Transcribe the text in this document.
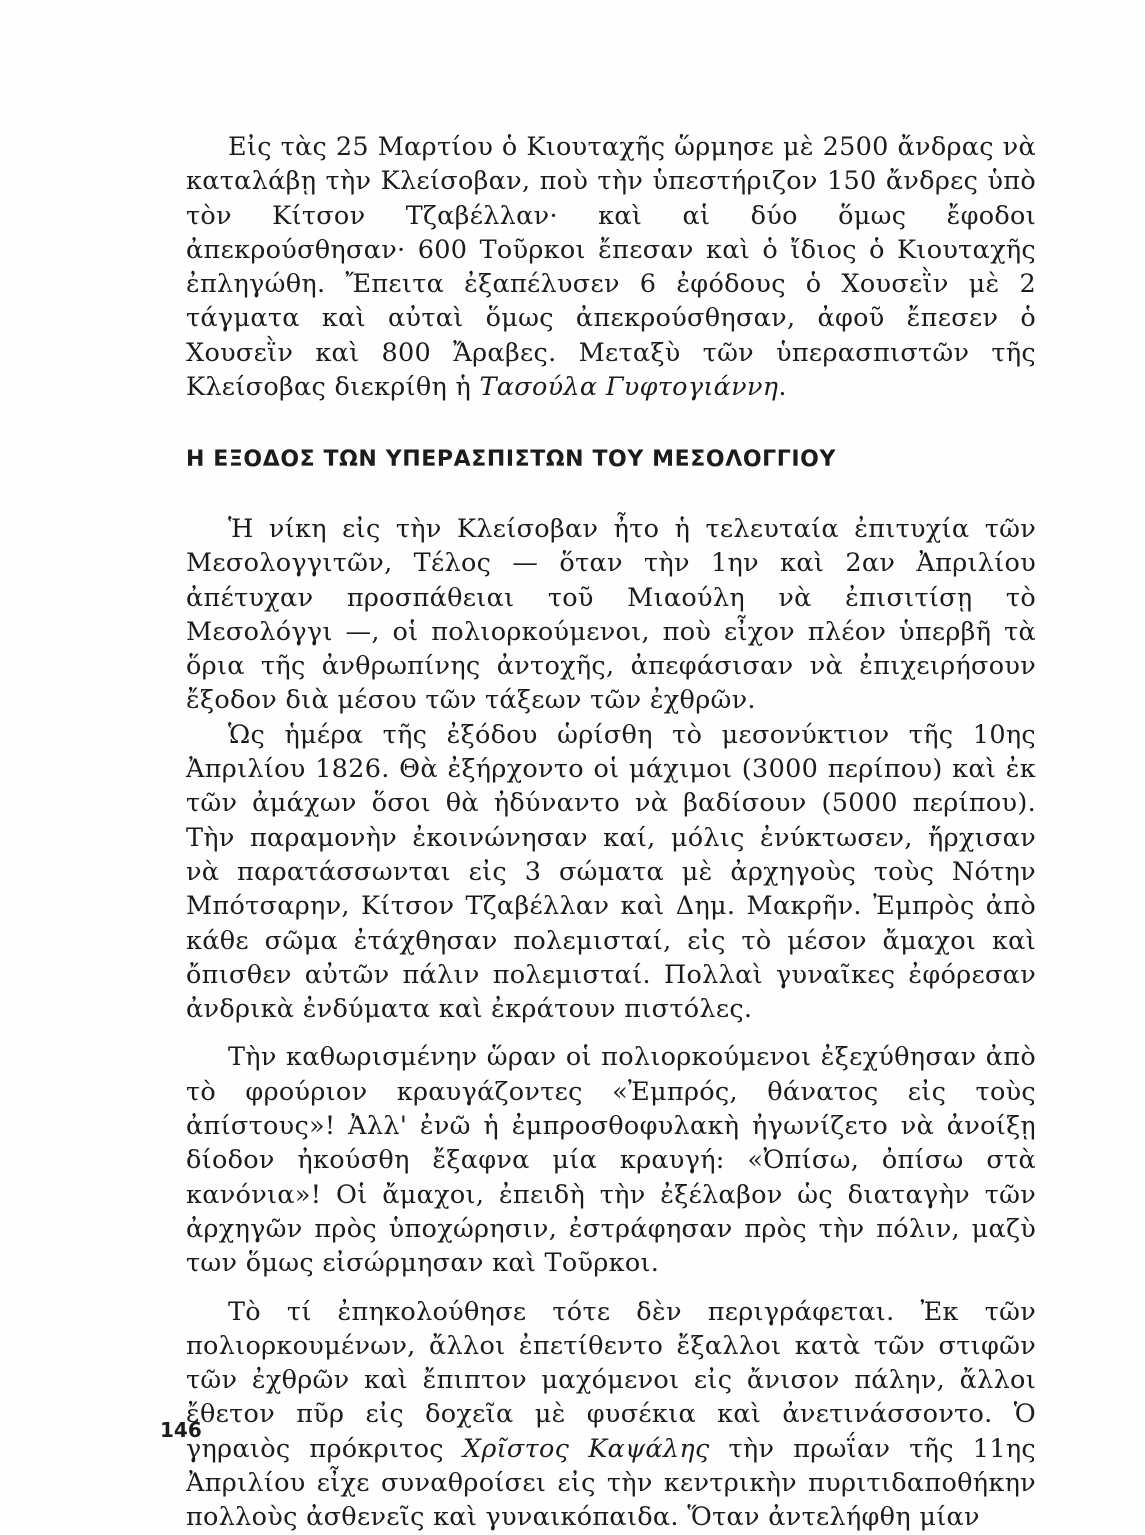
Εἰς τὰς 25 Μαρτίου ὁ Κιουταχῆς ὥρμησε μὲ 2500 ἄνδρας νὰ καταλάβῃ τὴν Κλείσοβαν, ποὺ τὴν ὑπεστήριζον 150 ἄνδρες ὑπὸ τὸν Κίτσον Τζαβέλλαν· καὶ αἱ δύο ὅμως ἔφοδοι ἀπεκρούσθησαν· 600 Τοῦρκοι ἔπεσαν καὶ ὁ ἴδιος ὁ Κιουταχῆς ἐπληγώθη. Ἔπειτα ἐξαπέλυσεν 6 ἐφόδους ὁ Χουσεῒν μὲ 2 τάγματα καὶ αὐταὶ ὅμως ἀπεκρούσθησαν, ἀφοῦ ἔπεσεν ὁ Χουσεῒν καὶ 800 Ἄραβες. Μεταξὺ τῶν ὑπερασπιστῶν τῆς Κλείσοβας διεκρίθη ἡ Τασούλα Γυφτογιάννη.

Η ΕΞΟΔΟΣ ΤΩΝ ΥΠΕΡΑΣΠΙΣΤΩΝ ΤΟΥ ΜΕΣΟΛΟΓΓΙΟΥ

Ἡ νίκη εἰς τὴν Κλείσοβαν ἦτο ἡ τελευταία ἐπιτυχία τῶν Μεσολογγιτῶν, Τέλος — ὅταν τὴν 1ην καὶ 2αν Ἀπριλίου ἀπέτυχαν προσπάθειαι τοῦ Μιαούλη νὰ ἐπισιτίσῃ τὸ Μεσολόγγι —, οἱ πολιορκούμενοι, ποὺ εἶχον πλέον ὑπερβῆ τὰ ὅρια τῆς ἀνθρωπίνης ἀντοχῆς, ἀπεφάσισαν νὰ ἐπιχειρήσουν ἔξοδον διὰ μέσου τῶν τάξεων τῶν ἐχθρῶν.

Ὡς ἡμέρα τῆς ἐξόδου ὡρίσθη τὸ μεσονύκτιον τῆς 10ης Ἀπριλίου 1826. Θὰ ἐξήρχοντο οἱ μάχιμοι (3000 περίπου) καὶ ἐκ τῶν ἀμάχων ὅσοι θὰ ἠδύναντο νὰ βαδίσουν (5000 περίπου). Τὴν παραμονὴν ἐκοινώνησαν καί, μόλις ἐνύκτωσεν, ἤρχισαν νὰ παρατάσσωνται εἰς 3 σώματα μὲ ἀρχηγοὺς τοὺς Νότην Μπότσαρην, Κίτσον Τζαβέλλαν καὶ Δημ. Μακρῆν. Ἐμπρὸς ἀπὸ κάθε σῶμα ἐτάχθησαν πολεμισταί, εἰς τὸ μέσον ἄμαχοι καὶ ὄπισθεν αὐτῶν πάλιν πολεμισταί. Πολλαὶ γυναῖκες ἐφόρεσαν ἀνδρικὰ ἐνδύματα καὶ ἐκράτουν πιστόλες.

Τὴν καθωρισμένην ὥραν οἱ πολιορκούμενοι ἐξεχύθησαν ἀπὸ τὸ φρούριον κραυγάζοντες «Ἐμπρός, θάνατος εἰς τοὺς ἀπίστους»! Ἀλλ' ἐνῶ ἡ ἐμπροσθοφυλακὴ ἠγωνίζετο νὰ ἀνοίξῃ δίοδον ἠκούσθη ἔξαφνα μία κραυγή: «Ὀπίσω, ὀπίσω στὰ κανόνια»! Οἱ ἄμαχοι, ἐπειδὴ τὴν ἐξέλαβον ὡς διαταγὴν τῶν ἀρχηγῶν πρὸς ὑποχώρησιν, ἐστράφησαν πρὸς τὴν πόλιν, μαζὺ των ὅμως εἰσώρμησαν καὶ Τοῦρκοι.

Τὸ τί ἐπηκολούθησε τότε δὲν περιγράφεται. Ἐκ τῶν πολιορκουμένων, ἄλλοι ἐπετίθεντο ἔξαλλοι κατὰ τῶν στιφῶν τῶν ἐχθρῶν καὶ ἔπιπτον μαχόμενοι εἰς ἄνισον πάλην, ἄλλοι ἔθετον πῦρ εἰς δοχεῖα μὲ φυσέκια καὶ ἀνετινάσσοντο. Ὁ γηραιὸς πρόκριτος Χρῖστος Καψάλης τὴν πρωΐαν τῆς 11ης Ἀπριλίου εἶχε συναθροίσει εἰς τὴν κεντρικὴν πυριτιδαποθήκην πολλοὺς ἀσθενεῖς καὶ γυναικόπαιδα. Ὅταν ἀντελήφθη μίαν

146
